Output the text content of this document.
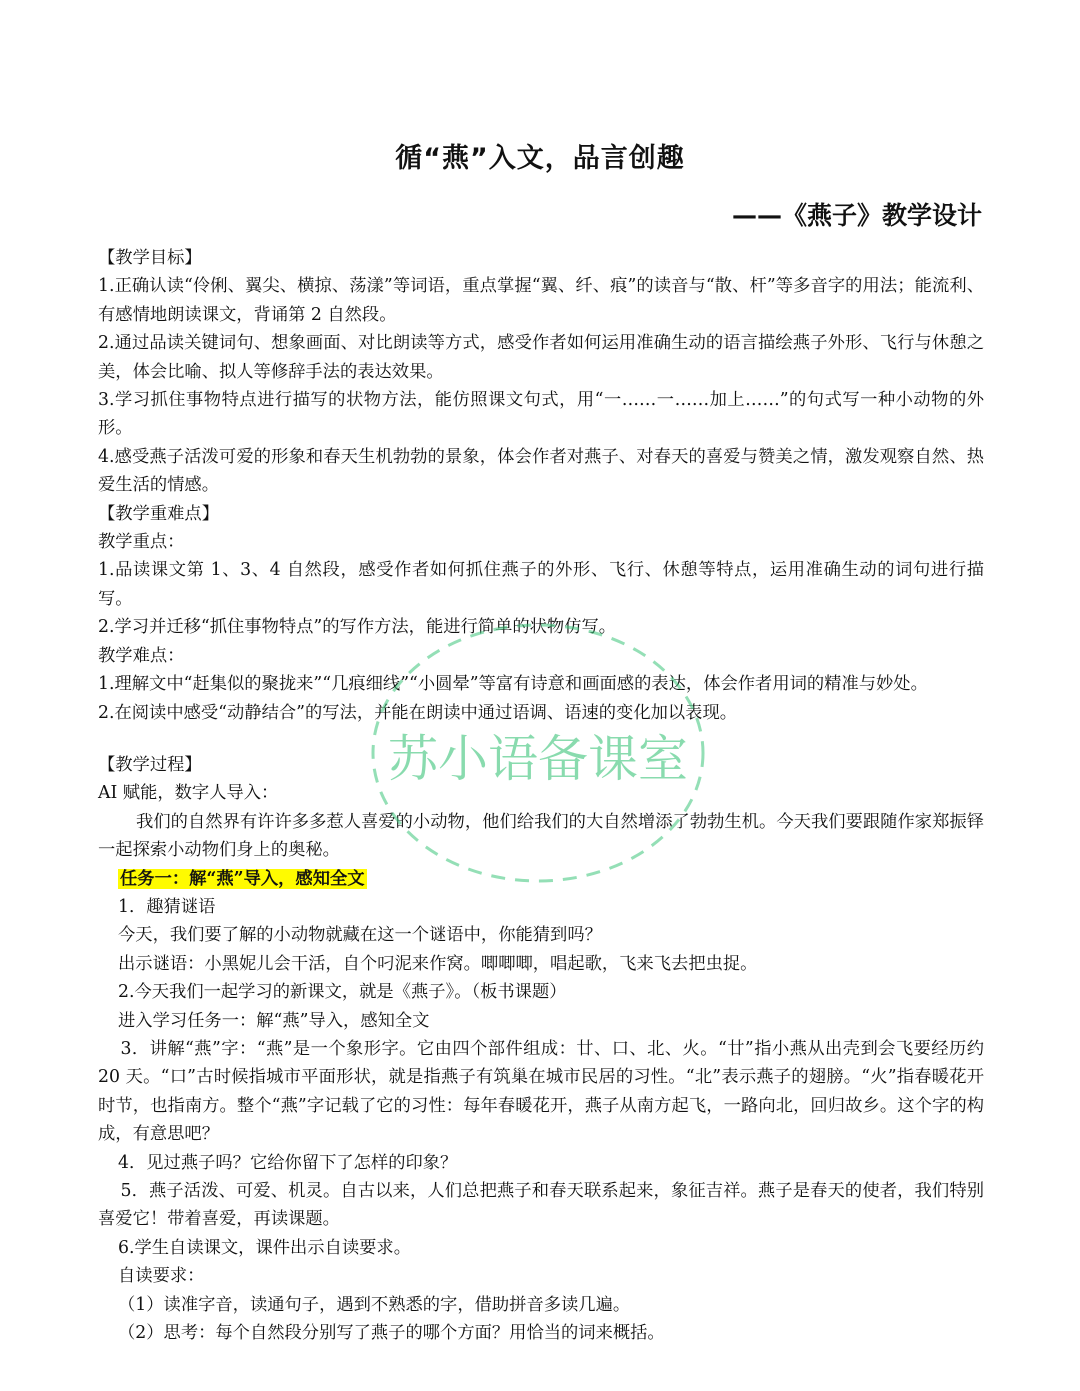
循“燕”入文，品言创趣
——《燕子》教学设计

【教学目标】

1.正确认读“伶俐、翼尖、横掠、荡漾”等词语，重点掌握“翼、纤、痕”的读音与“散、杆”等多音字的用法；能流利、有感情地朗读课文，背诵第 2 自然段。

2.通过品读关键词句、想象画面、对比朗读等方式，感受作者如何运用准确生动的语言描绘燕子外形、飞行与休憩之美，体会比喻、拟人等修辞手法的表达效果。

3.学习抓住事物特点进行描写的状物方法，能仿照课文句式，用“一……一……加上……”的句式写一种小动物的外形。

4.感受燕子活泼可爱的形象和春天生机勃勃的景象，体会作者对燕子、对春天的喜爱与赞美之情，激发观察自然、热爱生活的情感。

【教学重难点】

教学重点：

1.品读课文第 1、3、4 自然段，感受作者如何抓住燕子的外形、飞行、休憩等特点，运用准确生动的词句进行描写。

2.学习并迁移“抓住事物特点”的写作方法，能进行简单的状物仿写。

教学难点：

1.理解文中“赶集似的聚拢来”“几痕细线”“小圆晕”等富有诗意和画面感的表达，体会作者用词的精准与妙处。

2.在阅读中感受“动静结合”的写法，并能在朗读中通过语调、语速的变化加以表现。

【教学过程】

AI 赋能，数字人导入：

我们的自然界有许许多多惹人喜爱的小动物，他们给我们的大自然增添了勃勃生机。今天我们要跟随作家郑振铎一起探索小动物们身上的奥秘。

任务一：解“燕”导入，感知全文

1．趣猜谜语

今天，我们要了解的小动物就藏在这一个谜语中，你能猜到吗？

出示谜语：小黑妮儿会干活，自个叼泥来作窝。唧唧唧，唱起歌，飞来飞去把虫捉。

2.今天我们一起学习的新课文，就是《燕子》。（板书课题）

进入学习任务一：解“燕”导入，感知全文

3．讲解“燕”字：“燕”是一个象形字。它由四个部件组成：廿、口、北、火。“廿”指小燕从出壳到会飞要经历约 20 天。“口”古时候指城市平面形状，就是指燕子有筑巢在城市民居的习性。“北”表示燕子的翅膀。“火”指春暖花开时节，也指南方。整个“燕”字记载了它的习性：每年春暖花开，燕子从南方起飞，一路向北，回归故乡。这个字的构成，有意思吧？

4．见过燕子吗？它给你留下了怎样的印象？

5．燕子活泼、可爱、机灵。自古以来，人们总把燕子和春天联系起来，象征吉祥。燕子是春天的使者，我们特别喜爱它！带着喜爱，再读课题。

6.学生自读课文，课件出示自读要求。

自读要求：

（1）读准字音，读通句子，遇到不熟悉的字，借助拼音多读几遍。

（2）思考：每个自然段分别写了燕子的哪个方面？用恰当的词来概括。

苏小语备课室
